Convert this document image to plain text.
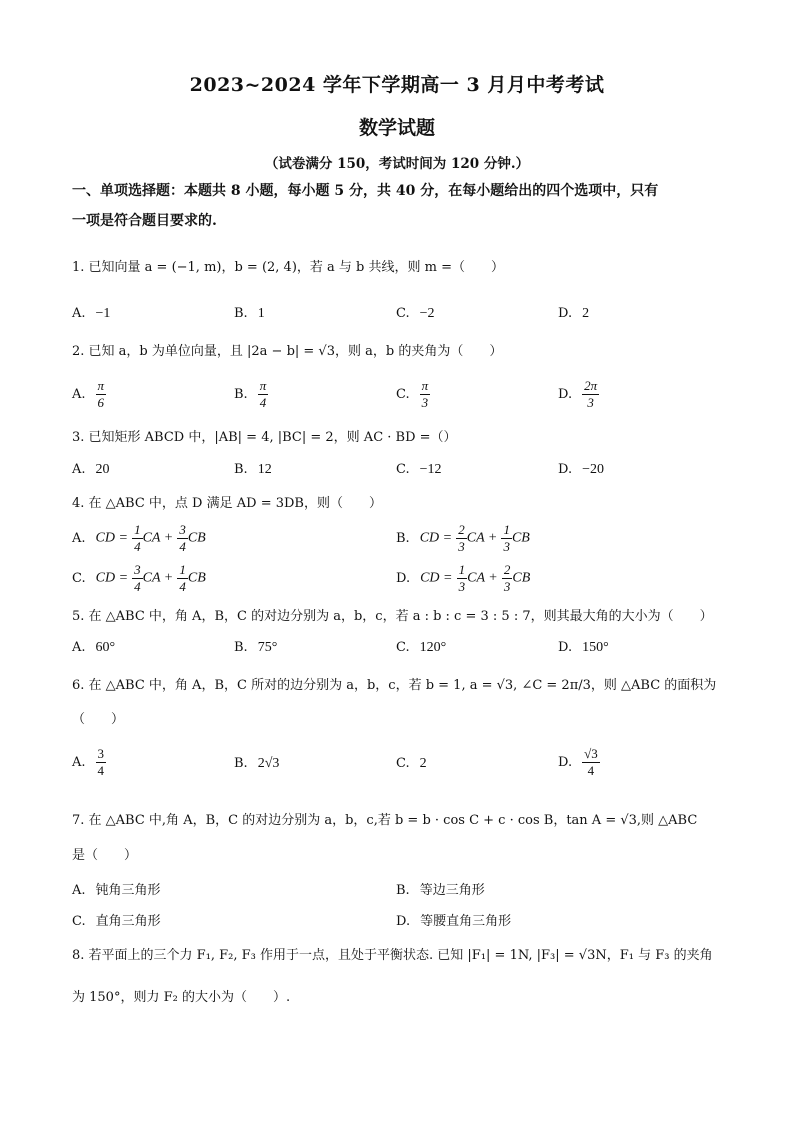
2023~2024 学年下学期高一 3 月月中考考试
数学试题
（试卷满分 150，考试时间为 120 分钟.）
一、单项选择题：本题共 8 小题，每小题 5 分，共 40 分，在每小题给出的四个选项中，只有
一项是符合题目要求的.
1. 已知向量 a = (−1, m)，b = (2, 4)，若 a 与 b 共线，则 m =（　　）
A. −1	B. 1	C. −2	D. 2
2. 已知 a，b 为单位向量，且 |2a − b| = √3，则 a，b 的夹角为（　　）
A. $\frac{\pi}{6}$	B. $\frac{\pi}{4}$	C. $\frac{\pi}{3}$	D. $\frac{2\pi}{3}$
3. 已知矩形 ABCD 中，|AB| = 4, |BC| = 2，则 AC · BD =（）
A. 20	B. 12	C. −12	D. −20
4. 在 △ABC 中，点 D 满足 AD = 3DB，则（　　）
A. CD = $\frac{1}{4}$ CA + $\frac{3}{4}$ CB	B. CD = $\frac{2}{3}$ CA + $\frac{1}{3}$ CB
C. CD = $\frac{3}{4}$ CA + $\frac{1}{4}$ CB	D. CD = $\frac{1}{3}$ CA + $\frac{2}{3}$ CB
5. 在 △ABC 中，角 A，B，C 的对边分别为 a，b，c，若 a : b : c = 3 : 5 : 7，则其最大角的大小为（　　）
A. 60°	B. 75°	C. 120°	D. 150°
6. 在 △ABC 中，角 A，B，C 所对的边分别为 a，b，c，若 b = 1, a = √3, ∠C = 2π/3，则 △ABC 的面积为
（　　）
A. $\frac{3}{4}$	B. 2√3	C. 2	D. $\frac{√3}{4}$
7. 在 △ABC 中,角 A，B，C 的对边分别为 a，b，c,若 b = b · cos C + c · cos B，tan A = √3,则 △ABC
是（　　）
A. 钝角三角形	B. 等边三角形
C. 直角三角形	D. 等腰直角三角形
8. 若平面上的三个力 F₁, F₂, F₃ 作用于一点，且处于平衡状态. 已知 |F₁| = 1N, |F₃| = √3N，F₁ 与 F₃ 的夹角
为 150°，则力 F₂ 的大小为（　　）.
